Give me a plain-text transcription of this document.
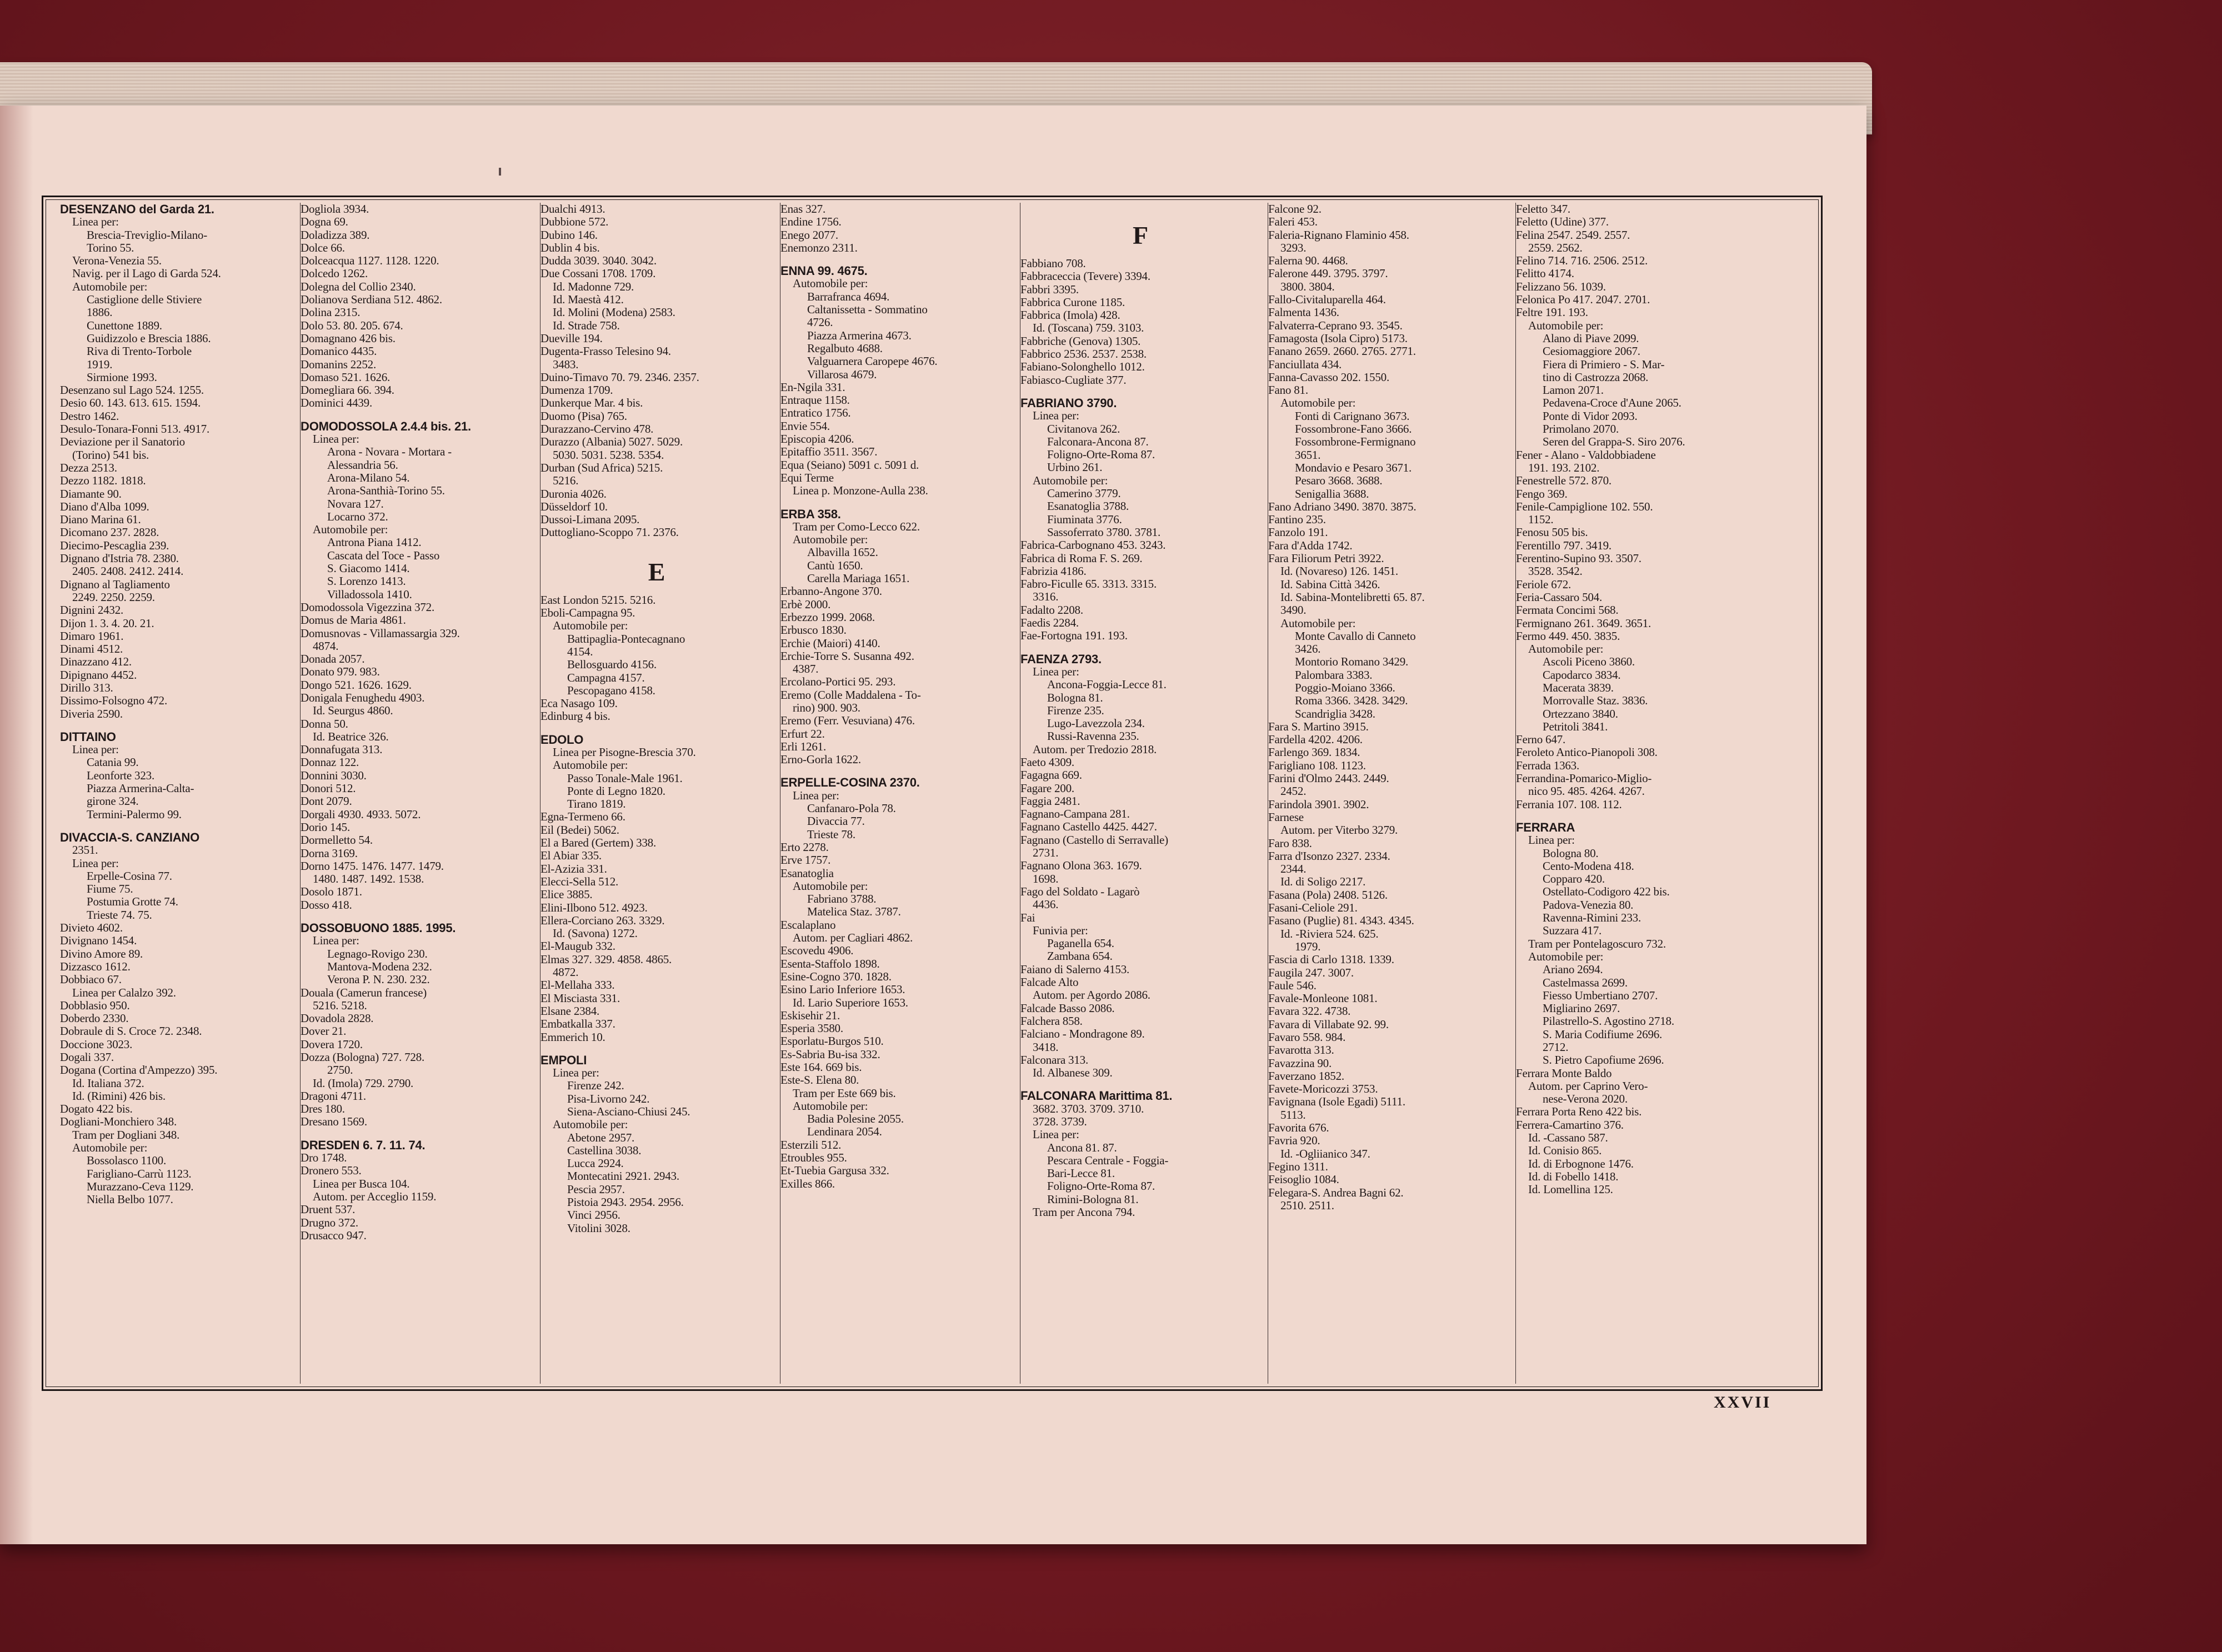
DESENZANO del Garda 21.

Linea per:

Brescia-Treviglio-Milano-

Torino 55.

Verona-Venezia 55.

Navig. per il Lago di Garda 524.

Automobile per:

Castiglione delle Stiviere

1886.

Cunettone 1889.

Guidizzolo e Brescia 1886.

Riva di Trento-Torbole

1919.

Sirmione 1993.

Desenzano sul Lago 524. 1255.

Desio 60. 143. 613. 615. 1594.

Destro 1462.

Desulo-Tonara-Fonni 513. 4917.

Deviazione per il Sanatorio

(Torino) 541 bis.

Dezza 2513.

Dezzo 1182. 1818.

Diamante 90.

Diano d'Alba 1099.

Diano Marina 61.

Dicomano 237. 2828.

Diecimo-Pescaglia 239.

Dignano d'Istria 78. 2380.

2405. 2408. 2412. 2414.

Dignano al Tagliamento

2249. 2250. 2259.

Dignini 2432.

Dijon 1. 3. 4. 20. 21.

Dimaro 1961.

Dinami 4512.

Dinazzano 412.

Dipignano 4452.

Dirillo 313.

Dissimo-Folsogno 472.

Diveria 2590.

DITTAINO

Linea per:

Catania 99.

Leonforte 323.

Piazza Armerina-Calta-

girone 324.

Termini-Palermo 99.

DIVACCIA-S. CANZIANO

2351.

Linea per:

Erpelle-Cosina 77.

Fiume 75.

Postumia Grotte 74.

Trieste 74. 75.

Divieto 4602.

Divignano 1454.

Divino Amore 89.

Dizzasco 1612.

Dobbiaco 67.

Linea per Calalzo 392.

Dobblasio 950.

Doberdo 2330.

Dobraule di S. Croce 72. 2348.

Doccione 3023.

Dogali 337.

Dogana (Cortina d'Ampezzo) 395.

Id. Italiana 372.

Id. (Rimini) 426 bis.

Dogato 422 bis.

Dogliani-Monchiero 348.

Tram per Dogliani 348.

Automobile per:

Bossolasco 1100.

Farigliano-Carrù 1123.

Murazzano-Ceva 1129.

Niella Belbo 1077.

Dogliola 3934.

Dogna 69.

Doladizza 389.

Dolce 66.

Dolceacqua 1127. 1128. 1220.

Dolcedo 1262.

Dolegna del Collio 2340.

Dolianova Serdiana 512. 4862.

Dolina 2315.

Dolo 53. 80. 205. 674.

Domagnano 426 bis.

Domanico 4435.

Domanins 2252.

Domaso 521. 1626.

Domegliara 66. 394.

Dominici 4439.

DOMODOSSOLA 2.4.4 bis. 21.

Linea per:

Arona - Novara - Mortara -

Alessandria 56.

Arona-Milano 54.

Arona-Santhià-Torino 55.

Novara 127.

Locarno 372.

Automobile per:

Antrona Piana 1412.

Cascata del Toce - Passo

S. Giacomo 1414.

S. Lorenzo 1413.

Villadossola 1410.

Domodossola Vigezzina 372.

Domus de Maria 4861.

Domusnovas - Villamassargia 329.

4874.

Donada 2057.

Donato 979. 983.

Dongo 521. 1626. 1629.

Donigala Fenughedu 4903.

Id. Seurgus 4860.

Donna 50.

Id. Beatrice 326.

Donnafugata 313.

Donnaz 122.

Donnini 3030.

Donori 512.

Dont 2079.

Dorgali 4930. 4933. 5072.

Dorio 145.

Dormelletto 54.

Dorna 3169.

Dorno 1475. 1476. 1477. 1479.

1480. 1487. 1492. 1538.

Dosolo 1871.

Dosso 418.

DOSSOBUONO 1885. 1995.

Linea per:

Legnago-Rovigo 230.

Mantova-Modena 232.

Verona P. N. 230. 232.

Douala (Camerun francese)

5216. 5218.

Dovadola 2828.

Dover 21.

Dovera 1720.

Dozza (Bologna) 727. 728.

2750.

Id. (Imola) 729. 2790.

Dragoni 4711.

Dres 180.

Dresano 1569.

DRESDEN 6. 7. 11. 74.

Dro 1748.

Dronero 553.

Linea per Busca 104.

Autom. per Acceglio 1159.

Druent 537.

Drugno 372.

Drusacco 947.

Dualchi 4913.

Dubbione 572.

Dubino 146.

Dublin 4 bis.

Dudda 3039. 3040. 3042.

Due Cossani 1708. 1709.

Id. Madonne 729.

Id. Maestà 412.

Id. Molini (Modena) 2583.

Id. Strade 758.

Dueville 194.

Dugenta-Frasso Telesino 94.

3483.

Duino-Timavo 70. 79. 2346. 2357.

Dumenza 1709.

Dunkerque Mar. 4 bis.

Duomo (Pisa) 765.

Durazzano-Cervino 478.

Durazzo (Albania) 5027. 5029.

5030. 5031. 5238. 5354.

Durban (Sud Africa) 5215.

5216.

Duronia 4026.

Düsseldorf 10.

Dussoi-Limana 2095.

Duttogliano-Scoppo 71. 2376.

E

East London 5215. 5216.

Eboli-Campagna 95.

Automobile per:

Battipaglia-Pontecagnano

4154.

Bellosguardo 4156.

Campagna 4157.

Pescopagano 4158.

Eca Nasago 109.

Edinburg 4 bis.

EDOLO

Linea per Pisogne-Brescia 370.

Automobile per:

Passo Tonale-Male 1961.

Ponte di Legno 1820.

Tirano 1819.

Egna-Termeno 66.

Eil (Bedei) 5062.

El a Bared (Gertem) 338.

El Abiar 335.

El-Azizia 331.

Elecci-Sella 512.

Elice 3885.

Elini-Ilbono 512. 4923.

Ellera-Corciano 263. 3329.

Id. (Savona) 1272.

El-Maugub 332.

Elmas 327. 329. 4858. 4865.

4872.

El-Mellaha 333.

El Misciasta 331.

Elsane 2384.

Embatkalla 337.

Emmerich 10.

EMPOLI

Linea per:

Firenze 242.

Pisa-Livorno 242.

Siena-Asciano-Chiusi 245.

Automobile per:

Abetone 2957.

Castellina 3038.

Lucca 2924.

Montecatini 2921. 2943.

Pescia 2957.

Pistoia 2943. 2954. 2956.

Vinci 2956.

Vitolini 3028.

Enas 327.

Endine 1756.

Enego 2077.

Enemonzo 2311.

ENNA 99. 4675.

Automobile per:

Barrafranca 4694.

Caltanissetta - Sommatino

4726.

Piazza Armerina 4673.

Regalbuto 4688.

Valguarnera Caropepe 4676.

Villarosa 4679.

En-Ngila 331.

Entraque 1158.

Entratico 1756.

Envie 554.

Episcopia 4206.

Epitaffio 3511. 3567.

Equa (Seiano) 5091 c. 5091 d.

Equi Terme

Linea p. Monzone-Aulla 238.

ERBA 358.

Tram per Como-Lecco 622.

Automobile per:

Albavilla 1652.

Cantù 1650.

Carella Mariaga 1651.

Erbanno-Angone 370.

Erbè 2000.

Erbezzo 1999. 2068.

Erbusco 1830.

Erchie (Maiori) 4140.

Erchie-Torre S. Susanna 492.

4387.

Ercolano-Portici 95. 293.

Eremo (Colle Maddalena - To-

rino) 900. 903.

Eremo (Ferr. Vesuviana) 476.

Erfurt 22.

Erli 1261.

Erno-Gorla 1622.

ERPELLE-COSINA 2370.

Linea per:

Canfanaro-Pola 78.

Divaccia 77.

Trieste 78.

Erto 2278.

Erve 1757.

Esanatoglia

Automobile per:

Fabriano 3788.

Matelica Staz. 3787.

Escalaplano

Autom. per Cagliari 4862.

Escovedu 4906.

Esenta-Staffolo 1898.

Esine-Cogno 370. 1828.

Esino Lario Inferiore 1653.

Id. Lario Superiore 1653.

Eskisehir 21.

Esperia 3580.

Esporlatu-Burgos 510.

Es-Sabria Bu-isa 332.

Este 164. 669 bis.

Este-S. Elena 80.

Tram per Este 669 bis.

Automobile per:

Badia Polesine 2055.

Lendinara 2054.

Esterzili 512.

Etroubles 955.

Et-Tuebia Gargusa 332.

Exilles 866.

F

Fabbiano 708.

Fabbraceccia (Tevere) 3394.

Fabbri 3395.

Fabbrica Curone 1185.

Fabbrica (Imola) 428.

Id. (Toscana) 759. 3103.

Fabbriche (Genova) 1305.

Fabbrico 2536. 2537. 2538.

Fabiano-Solonghello 1012.

Fabiasco-Cugliate 377.

FABRIANO 3790.

Linea per:

Civitanova 262.

Falconara-Ancona 87.

Foligno-Orte-Roma 87.

Urbino 261.

Automobile per:

Camerino 3779.

Esanatoglia 3788.

Fiuminata 3776.

Sassoferrato 3780. 3781.

Fabrica-Carbognano 453. 3243.

Fabrica di Roma F. S. 269.

Fabrizia 4186.

Fabro-Ficulle 65. 3313. 3315.

3316.

Fadalto 2208.

Faedis 2284.

Fae-Fortogna 191. 193.

FAENZA 2793.

Linea per:

Ancona-Foggia-Lecce 81.

Bologna 81.

Firenze 235.

Lugo-Lavezzola 234.

Russi-Ravenna 235.

Autom. per Tredozio 2818.

Faeto 4309.

Fagagna 669.

Fagare 200.

Faggia 2481.

Fagnano-Campana 281.

Fagnano Castello 4425. 4427.

Fagnano (Castello di Serravalle)

2731.

Fagnano Olona 363. 1679.

1698.

Fago del Soldato - Lagarò

4436.

Fai

Funivia per:

Paganella 654.

Zambana 654.

Faiano di Salerno 4153.

Falcade Alto

Autom. per Agordo 2086.

Falcade Basso 2086.

Falchera 858.

Falciano - Mondragone 89.

3418.

Falconara 313.

Id. Albanese 309.

FALCONARA Marittima 81.

3682. 3703. 3709. 3710.

3728. 3739.

Linea per:

Ancona 81. 87.

Pescara Centrale - Foggia-

Bari-Lecce 81.

Foligno-Orte-Roma 87.

Rimini-Bologna 81.

Tram per Ancona 794.

Falcone 92.

Faleri 453.

Faleria-Rignano Flaminio 458.

3293.

Falerna 90. 4468.

Falerone 449. 3795. 3797.

3800. 3804.

Fallo-Civitaluparella 464.

Falmenta 1436.

Falvaterra-Ceprano 93. 3545.

Famagosta (Isola Cipro) 5173.

Fanano 2659. 2660. 2765. 2771.

Fanciullata 434.

Fanna-Cavasso 202. 1550.

Fano 81.

Automobile per:

Fonti di Carignano 3673.

Fossombrone-Fano 3666.

Fossombrone-Fermignano

3651.

Mondavio e Pesaro 3671.

Pesaro 3668. 3688.

Senigallia 3688.

Fano Adriano 3490. 3870. 3875.

Fantino 235.

Fanzolo 191.

Fara d'Adda 1742.

Fara Filiorum Petri 3922.

Id. (Novareso) 126. 1451.

Id. Sabina Città 3426.

Id. Sabina-Montelibretti 65. 87.

3490.

Automobile per:

Monte Cavallo di Canneto

3426.

Montorio Romano 3429.

Palombara 3383.

Poggio-Moiano 3366.

Roma 3366. 3428. 3429.

Scandriglia 3428.

Fara S. Martino 3915.

Fardella 4202. 4206.

Farlengo 369. 1834.

Farigliano 108. 1123.

Farini d'Olmo 2443. 2449.

2452.

Farindola 3901. 3902.

Farnese

Autom. per Viterbo 3279.

Faro 838.

Farra d'Isonzo 2327. 2334.

2344.

Id. di Soligo 2217.

Fasana (Pola) 2408. 5126.

Fasani-Celiole 291.

Fasano (Puglie) 81. 4343. 4345.

Id. -Riviera 524. 625.

1979.

Fascia di Carlo 1318. 1339.

Faugila 247. 3007.

Faule 546.

Favale-Monleone 1081.

Favara 322. 4738.

Favara di Villabate 92. 99.

Favaro 558. 984.

Favarotta 313.

Favazzina 90.

Faverzano 1852.

Favete-Moricozzi 3753.

Favignana (Isole Egadi) 5111.

5113.

Favorita 676.

Favria 920.

Id. -Ogliianico 347.

Fegino 1311.

Feisoglio 1084.

Felegara-S. Andrea Bagni 62.

2510. 2511.

Feletto 347.

Feletto (Udine) 377.

Felina 2547. 2549. 2557.

2559. 2562.

Felino 714. 716. 2506. 2512.

Felitto 4174.

Felizzano 56. 1039.

Felonica Po 417. 2047. 2701.

Feltre 191. 193.

Automobile per:

Alano di Piave 2099.

Cesiomaggiore 2067.

Fiera di Primiero - S. Mar-

tino di Castrozza 2068.

Lamon 2071.

Pedavena-Croce d'Aune 2065.

Ponte di Vidor 2093.

Primolano 2070.

Seren del Grappa-S. Siro 2076.

Fener - Alano - Valdobbiadene

191. 193. 2102.

Fenestrelle 572. 870.

Fengo 369.

Fenile-Campiglione 102. 550.

1152.

Fenosu 505 bis.

Ferentillo 797. 3419.

Ferentino-Supino 93. 3507.

3528. 3542.

Feriole 672.

Feria-Cassaro 504.

Fermata Concimi 568.

Fermignano 261. 3649. 3651.

Fermo 449. 450. 3835.

Automobile per:

Ascoli Piceno 3860.

Capodarco 3834.

Macerata 3839.

Morrovalle Staz. 3836.

Ortezzano 3840.

Petritoli 3841.

Ferno 647.

Feroleto Antico-Pianopoli 308.

Ferrada 1363.

Ferrandina-Pomarico-Miglio-

nico 95. 485. 4264. 4267.

Ferrania 107. 108. 112.

FERRARA

Linea per:

Bologna 80.

Cento-Modena 418.

Copparo 420.

Ostellato-Codigoro 422 bis.

Padova-Venezia 80.

Ravenna-Rimini 233.

Suzzara 417.

Tram per Pontelagoscuro 732.

Automobile per:

Ariano 2694.

Castelmassa 2699.

Fiesso Umbertiano 2707.

Migliarino 2697.

Pilastrello-S. Agostino 2718.

S. Maria Codifiume 2696.

2712.

S. Pietro Capofiume 2696.

Ferrara Monte Baldo

Autom. per Caprino Vero-

nese-Verona 2020.

Ferrara Porta Reno 422 bis.

Ferrera-Camartino 376.

Id. -Cassano 587.

Id. Conisio 865.

Id. di Erbognone 1476.

Id. di Fobello 1418.

Id. Lomellina 125.

XXVII
